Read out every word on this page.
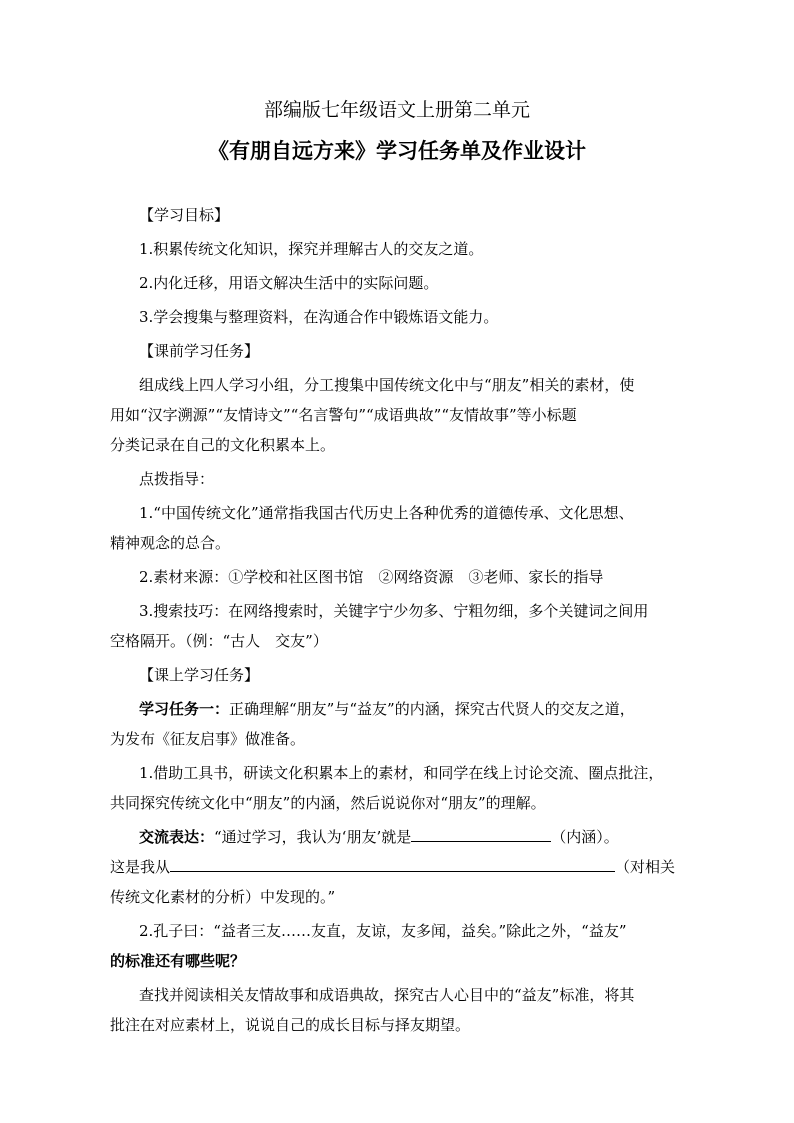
部编版七年级语文上册第二单元
《有朋自远方来》学习任务单及作业设计
【学习目标】
1.积累传统文化知识，探究并理解古人的交友之道。
2.内化迁移，用语文解决生活中的实际问题。
3.学会搜集与整理资料，在沟通合作中锻炼语文能力。
【课前学习任务】
组成线上四人学习小组，分工搜集中国传统文化中与“朋友”相关的素材，使
用如“汉字溯源”“友情诗文”“名言警句”“成语典故”“友情故事”等小标题
分类记录在自己的文化积累本上。
点拨指导：
1.“中国传统文化”通常指我国古代历史上各种优秀的道德传承、文化思想、
精神观念的总合。
2.素材来源：①学校和社区图书馆　②网络资源　③老师、家长的指导
3.搜索技巧：在网络搜索时，关键字宁少勿多、宁粗勿细，多个关键词之间用
空格隔开。（例：“古人　交友”）
【课上学习任务】
学习任务一：正确理解“朋友”与“益友”的内涵，探究古代贤人的交友之道，
为发布《征友启事》做准备。
1.借助工具书，研读文化积累本上的素材，和同学在线上讨论交流、圈点批注，
共同探究传统文化中“朋友”的内涵，然后说说你对“朋友”的理解。
交流表达：“通过学习，我认为‘朋友’就是	（内涵）。
这是我从	（对相关
传统文化素材的分析）中发现的。”
2.孔子曰：“益者三友……友直，友谅，友多闻，益矣。”除此之外，“益友”
的标准还有哪些呢？
查找并阅读相关友情故事和成语典故，探究古人心目中的“益友”标准，将其
批注在对应素材上，说说自己的成长目标与择友期望。
